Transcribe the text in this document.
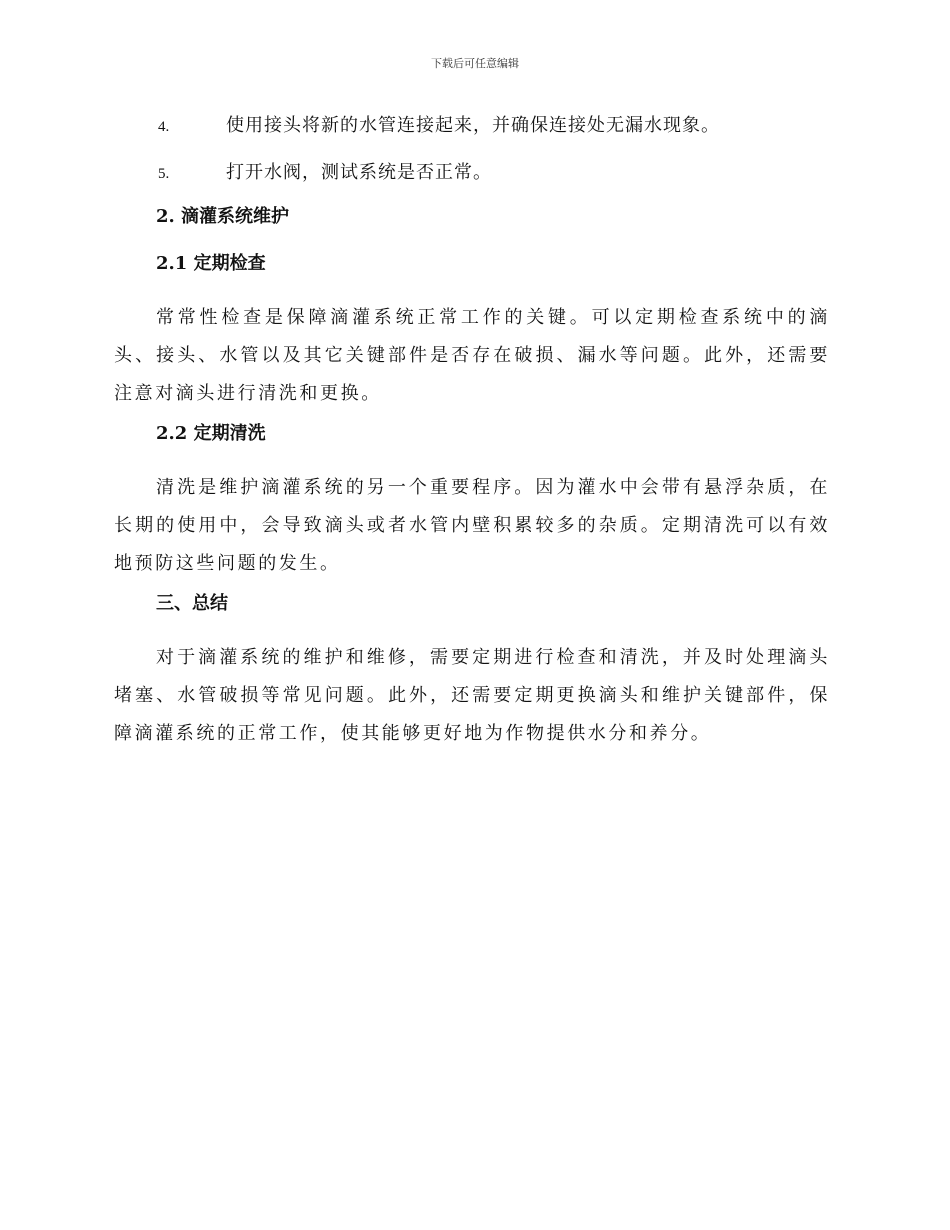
下载后可任意编辑
4.	使用接头将新的水管连接起来，并确保连接处无漏水现象。
5.	打开水阀，测试系统是否正常。
2. 滴灌系统维护
2.1 定期检查
常常性检查是保障滴灌系统正常工作的关键。可以定期检查系统中的滴头、接头、水管以及其它关键部件是否存在破损、漏水等问题。此外，还需要注意对滴头进行清洗和更换。
2.2 定期清洗
清洗是维护滴灌系统的另一个重要程序。因为灌水中会带有悬浮杂质，在长期的使用中，会导致滴头或者水管内壁积累较多的杂质。定期清洗可以有效地预防这些问题的发生。
三、总结
对于滴灌系统的维护和维修，需要定期进行检查和清洗，并及时处理滴头堵塞、水管破损等常见问题。此外，还需要定期更换滴头和维护关键部件，保障滴灌系统的正常工作，使其能够更好地为作物提供水分和养分。
